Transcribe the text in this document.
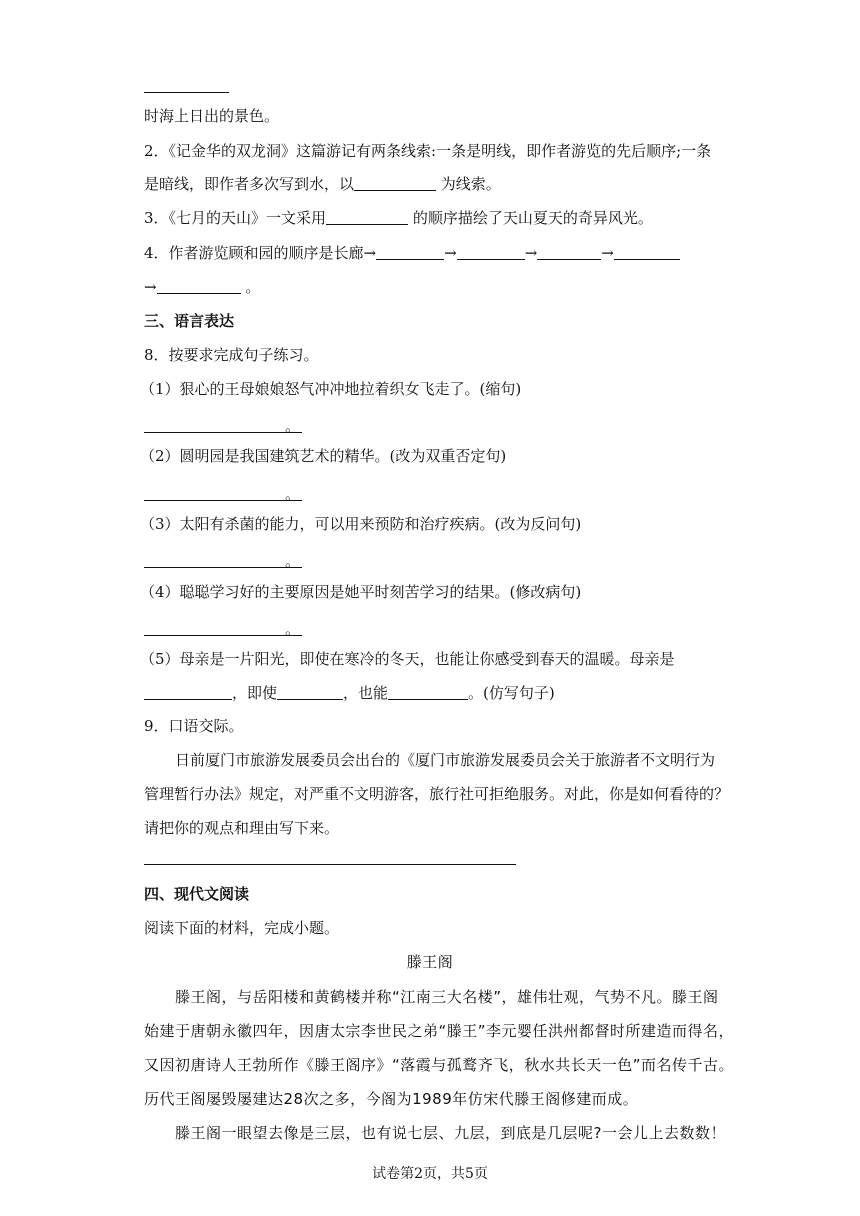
时海上日出的景色。
2．《记金华的双龙洞》这篇游记有两条线索:一条是明线，即作者游览的先后顺序;一条
是暗线，即作者多次写到水，以	为线索。
3．《七月的天山》一文采用	的顺序描绘了天山夏天的奇异风光。
4．作者游览顾和园的顺序是长廊→	→	→	→
→	。
三、语言表达
8．按要求完成句子练习。
（1）狠心的王母娘娘怒气冲冲地拉着织女飞走了。(缩句)
。
（2）圆明园是我国建筑艺术的精华。(改为双重否定句)
。
（3）太阳有杀菌的能力，可以用来预防和治疗疾病。(改为反问句)
。
（4）聪聪学习好的主要原因是她平时刻苦学习的结果。(修改病句)
。
（5）母亲是一片阳光，即使在寒冷的冬天，也能让你感受到春天的温暖。母亲是
，即使	，也能	。(仿写句子)
9．口语交际。
日前厦门市旅游发展委员会出台的《厦门市旅游发展委员会关于旅游者不文明行为
管理暂行办法》规定，对严重不文明游客，旅行社可拒绝服务。对此，你是如何看待的？
请把你的观点和理由写下来。
四、现代文阅读
阅读下面的材料，完成小题。
滕王阁
滕王阁，与岳阳楼和黄鹤楼并称“江南三大名楼”，雄伟壮观，气势不凡。滕王阁
始建于唐朝永徽四年，因唐太宗李世民之弟“滕王”李元婴任洪州都督时所建造而得名，
又因初唐诗人王勃所作《滕王阁序》“落霞与孤鹜齐飞，秋水共长天一色”而名传千古。
历代王阁屡毁屡建达28次之多，今阁为1989年仿宋代滕王阁修建而成。
滕王阁一眼望去像是三层，也有说七层、九层，到底是几层呢?一会儿上去数数！
试卷第2页，共5页
